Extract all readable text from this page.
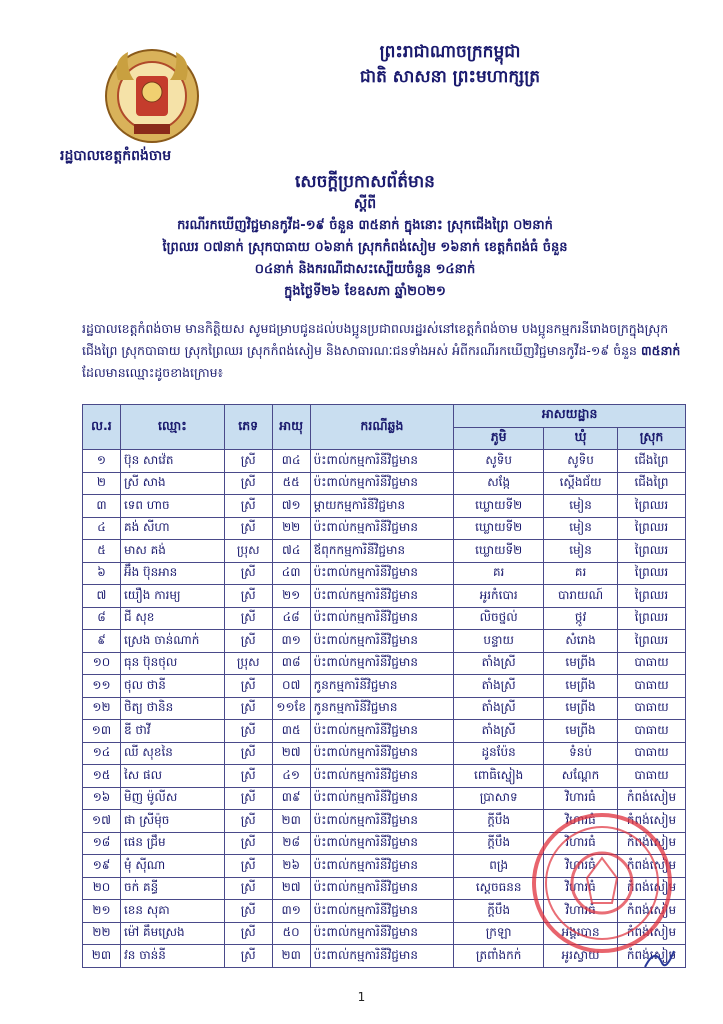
ព្រះរាជាណាចក្រកម្ពុជា
ជាតិ សាសនា ព្រះមហាក្សត្រ
រដ្ឋបាលខេត្តកំពង់ចាម
សេចក្តីប្រកាសព័ត៌មាន
ស្តីពី
ករណីរកឃើញវិជ្ជមានកូវីដ-១៩ ចំនួន ៣៥នាក់ ក្នុងនោះ ស្រុកជើងព្រៃ ០២នាក់
ព្រៃឈរ ០៧នាក់ ស្រុកបាធាយ ០៦នាក់ ស្រុកកំពង់សៀម ១៦នាក់ ខេត្តកំពង់ធំ ចំនួន
០៤នាក់ និងករណីជាសះស្បើយចំនួន ១៤នាក់
ក្នុងថ្ងៃទី២៦ ខែឧសភា ឆ្នាំ២០២១
រដ្ឋបាលខេត្តកំពង់ចាម មានកិត្តិយស សូមជម្រាបជូនដល់បងប្អូនប្រជាពលរដ្ឋរស់នៅខេត្តកំពង់ចាម បងប្អូនកម្មករនីរោងចក្រក្នុងស្រុកជើងព្រៃ ស្រុកបាធាយ ស្រុកព្រៃឈរ ស្រុកកំពង់សៀម និងសាធារណៈជនទាំងអស់ អំពីករណីរកឃើញវិជ្ជមានកូវីដ-១៩ ចំនួន ៣៥នាក់ ដែលមានឈ្មោះដូចខាងក្រោម៖
ល.រ	ឈ្មោះ	ភេទ	អាយុ	ករណីឆ្លង	អាសយដ្ឋាន		
					ភូមិ	ឃុំ	ស្រុក
១	ប៊ុន សាវ៉េត	ស្រី	៣៤	ប៉ះពាល់កម្មការិនីវិជ្ជមាន	សូទិប	សូទិប	ជើងព្រៃ
២	ស្រី សាង	ស្រី	៥៥	ប៉ះពាល់កម្មការិនីវិជ្ជមាន	សង្កែ	ស្តើងជ័យ	ជើងព្រៃ
៣	ទេព ហាច	ស្រី	៧១	ម្ដាយកម្មការិនីវិជ្ជមាន	ឃ្លោយទី២	មៀន	ព្រៃឈរ
៤	គង់ សីហា	ស្រី	២២	ប៉ះពាល់កម្មការិនីវិជ្ជមាន	ឃ្លោយទី២	មៀន	ព្រៃឈរ
៥	មាស គង់	ប្រុស	៧៤	ឪពុកកម្មការិនីវិជ្ជមាន	ឃ្លោយទី២	មៀន	ព្រៃឈរ
៦	អ៊ឹង ប៊ុនអាន	ស្រី	៤៣	ប៉ះពាល់កម្មការិនីវិជ្ជមាន	គរ	គរ	ព្រៃឈរ
៧	យឿង ការម្យ	ស្រី	២១	ប៉ះពាល់កម្មការិនីវិជ្ជមាន	អូរកំបោរ	បារាយណ៍	ព្រៃឈរ
៨	ជី សុខ	ស្រី	៤៨	ប៉ះពាល់កម្មការិនីវិជ្ជមាន	លិចថ្នល់	ថ្កូវ	ព្រៃឈរ
៩	ស្រេង ចាន់ណាក់	ស្រី	៣១	ប៉ះពាល់កម្មការិនីវិជ្ជមាន	បន្ទាយ	សំរោង	ព្រៃឈរ
១០	ធុន ប៊ុនថុល	ប្រុស	៣៨	ប៉ះពាល់កម្មការិនីវិជ្ជមាន	តាំងស្រី	មេព្រីង	បាធាយ
១១	ថុល ថានី	ស្រី	០៧	កូនកម្មការិនីវិជ្ជមាន	តាំងស្រី	មេព្រីង	បាធាយ
១២	ថិត្យ ថានិន	ស្រី	១១ខែ	កូនកម្មការិនីវិជ្ជមាន	តាំងស្រី	មេព្រីង	បាធាយ
១៣	ឌី ថាវី	ស្រី	៣៥	ប៉ះពាល់កម្មការិនីវិជ្ជមាន	តាំងស្រី	មេព្រីង	បាធាយ
១៤	ឈី សុខនៃ	ស្រី	២៧	ប៉ះពាល់កម្មការិនីវិជ្ជមាន	ដូនប៉ែន	ទំនប់	បាធាយ
១៥	សៃ ផល	ស្រី	៤១	ប៉ះពាល់កម្មការិនីវិជ្ជមាន	ពោធិស្នៀង	សណ្ដែក	បាធាយ
១៦	មិញ ម៉ូលីស	ស្រី	៣៩	ប៉ះពាល់កម្មការិនីវិជ្ជមាន	ប្រាសាទ	វិហារធំ	កំពង់សៀម
១៧	ផា ស្រីម៉ុច	ស្រី	២៣	ប៉ះពាល់កម្មការិនីវិជ្ជមាន	ក្ដីបឹង	វិហារធំ	កំពង់សៀម
១៨	ផេន ជ្រឹម	ស្រី	២៨	ប៉ះពាល់កម្មការិនីវិជ្ជមាន	ក្ដីបឹង	វិហារធំ	កំពង់សៀម
១៩	មុំ ស៊ីណា	ស្រី	២៦	ប៉ះពាល់កម្មការិនីវិជ្ជមាន	ពង្រ	វិហារធំ	កំពង់សៀម
២០	ចក់ គន្ធី	ស្រី	២៧	ប៉ះពាល់កម្មការិនីវិជ្ជមាន	ស្ដេចធនន	វិហារធំ	កំពង់សៀម
២១	ខេន សុគា	ស្រី	៣១	ប៉ះពាល់កម្មការិនីវិជ្ជមាន	ក្ដីបឹង	វិហារធំ	កំពង់សៀម
២២	ម៉ៅ គឹមស្រេង	ស្រី	៥០	ប៉ះពាល់កម្មការិនីវិជ្ជមាន	ក្រឡា	អង្គរបាន	កំពង់សៀម
២៣	វន ចាន់នី	ស្រី	២៣	ប៉ះពាល់កម្មការិនីវិជ្ជមាន	ត្រពាំងកក់	អូរស្វាយ	កំពង់សៀម
1
